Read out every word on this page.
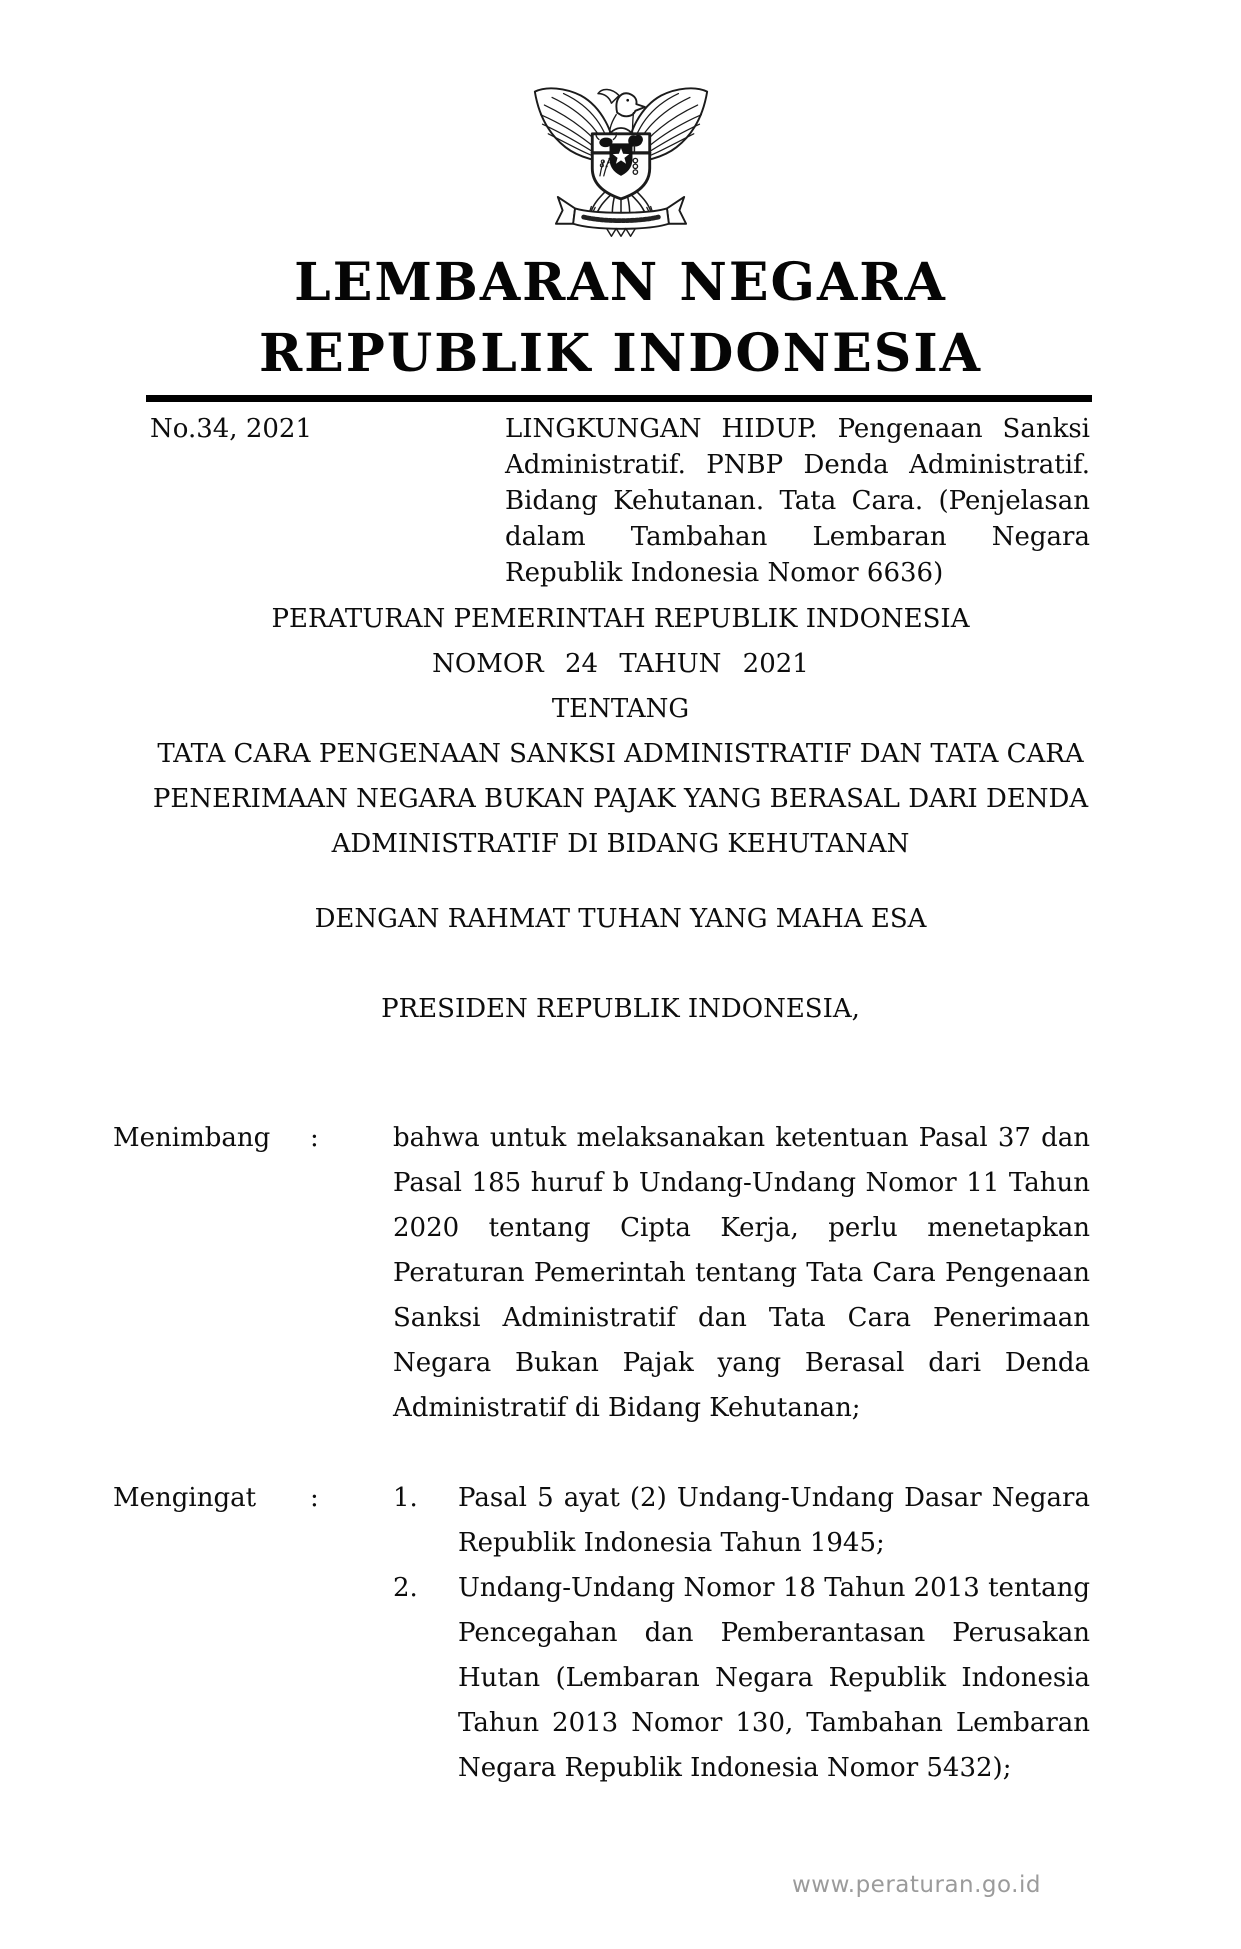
LEMBARAN NEGARA
REPUBLIK INDONESIA
No.34, 2021	LINGKUNGAN HIDUP. Pengenaan Sanksi Administratif. PNBP Denda Administratif. Bidang Kehutanan. Tata Cara. (Penjelasan dalam Tambahan Lembaran Negara Republik Indonesia Nomor 6636)

PERATURAN PEMERINTAH REPUBLIK INDONESIA

NOMOR 24 TAHUN 2021

TENTANG

TATA CARA PENGENAAN SANKSI ADMINISTRATIF DAN TATA CARA

PENERIMAAN NEGARA BUKAN PAJAK YANG BERASAL DARI DENDA

ADMINISTRATIF DI BIDANG KEHUTANAN

DENGAN RAHMAT TUHAN YANG MAHA ESA
PRESIDEN REPUBLIK INDONESIA,
Menimbang	:	bahwa untuk melaksanakan ketentuan Pasal 37 dan Pasal 185 huruf b Undang-Undang Nomor 11 Tahun 2020 tentang Cipta Kerja, perlu menetapkan Peraturan Pemerintah tentang Tata Cara Pengenaan Sanksi Administratif dan Tata Cara Penerimaan Negara Bukan Pajak yang Berasal dari Denda Administratif di Bidang Kehutanan;
Mengingat	:	1.	Pasal 5 ayat (2) Undang-Undang Dasar Negara Republik Indonesia Tahun 1945;
2.	Undang-Undang Nomor 18 Tahun 2013 tentang Pencegahan dan Pemberantasan Perusakan Hutan (Lembaran Negara Republik Indonesia Tahun 2013 Nomor 130, Tambahan Lembaran Negara Republik Indonesia Nomor 5432);
www.peraturan.go.id
